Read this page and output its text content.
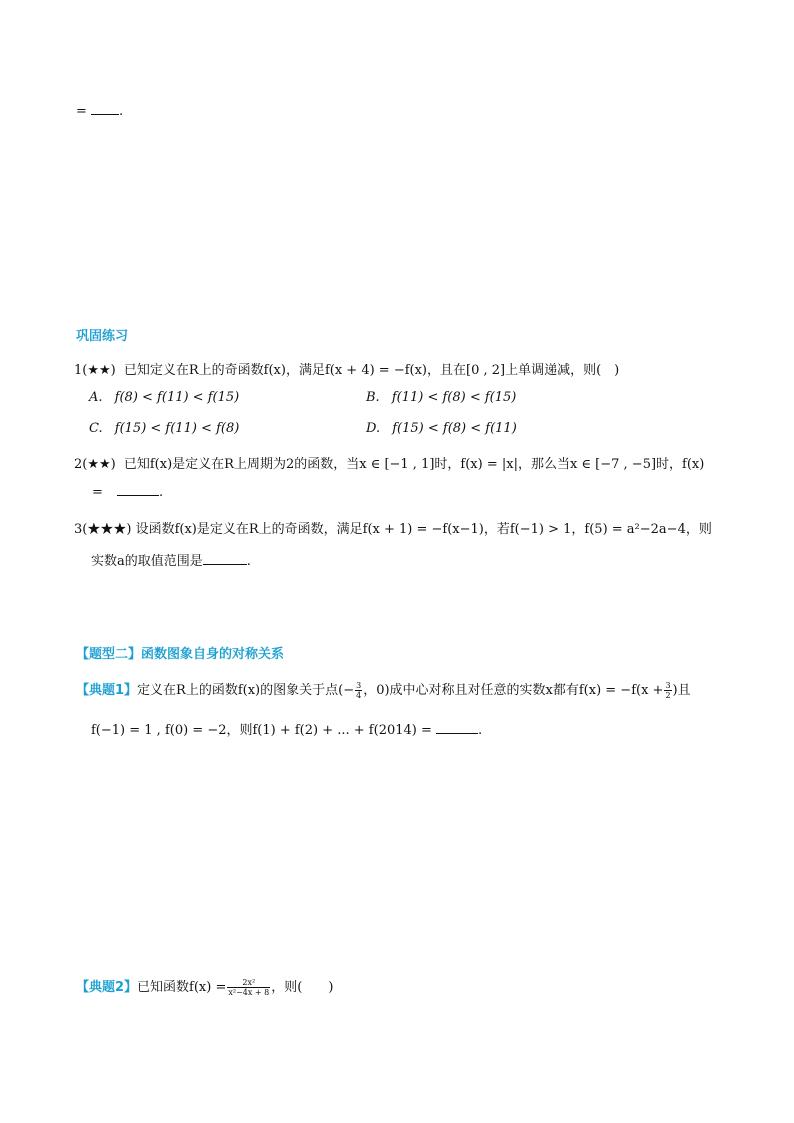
= .
巩固练习
1(★★) 已知定义在R上的奇函数f(x)，满足f(x + 4) = −f(x)，且在[0 , 2]上单调递减，则(　)
A. f(8) < f(11) < f(15)	B. f(11) < f(8) < f(15)
C. f(15) < f(11) < f(8)	D. f(15) < f(8) < f(11)
2(★★) 已知f(x)是定义在R上周期为2的函数，当x ∈ [−1 , 1]时，f(x) = |x|，那么当x ∈ [−7 , −5]时，f(x)
=	.
3(★★★) 设函数f(x)是定义在R上的奇函数，满足f(x + 1) = −f(x−1)，若f(−1) > 1，f(5) = a²−2a−4，则
实数a的取值范围是	.
【题型二】函数图象自身的对称关系
【典题1】定义在R上的函数f(x)的图象关于点(− $\frac{3}{4}$ ，0)成中心对称且对任意的实数x都有$f(x) = -f(x + \frac{3}{2}$ )且
f(−1) = 1 , f(0) = −2，则f(1) + f(2) + ... + f(2014) =	.
【典题2】已知函数$f(x) = \frac{\text{2x²}}{\text{x²−4x + 8}}$ ，则(　　)
